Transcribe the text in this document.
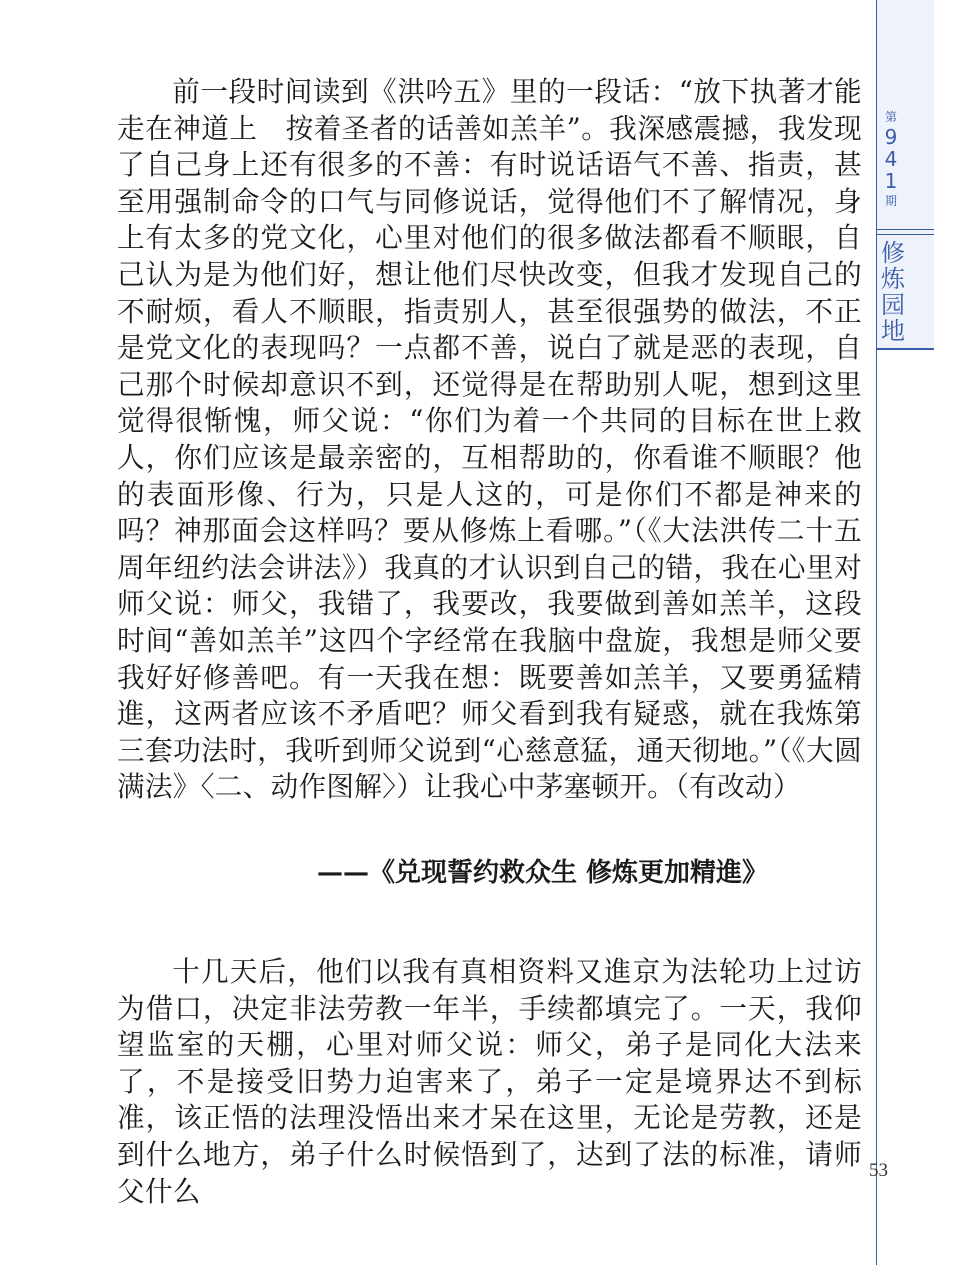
第
9
4
1
期
修
炼
园
地

前一段时间读到《洪吟五》里的一段话：“放下执著才能走在神道上　按着圣者的话善如羔羊”。我深感震撼，我发现了自己身上还有很多的不善：有时说话语气不善、指责，甚至用强制命令的口气与同修说话，觉得他们不了解情况，身上有太多的党文化，心里对他们的很多做法都看不顺眼，自己认为是为他们好，想让他们尽快改变，但我才发现自己的不耐烦，看人不顺眼，指责别人，甚至很强势的做法，不正是党文化的表现吗？一点都不善，说白了就是恶的表现，自己那个时候却意识不到，还觉得是在帮助别人呢，想到这里觉得很惭愧，师父说：“你们为着一个共同的目标在世上救人，你们应该是最亲密的，互相帮助的，你看谁不顺眼？他的表面形像、行为，只是人这的，可是你们不都是神来的吗？神那面会这样吗？要从修炼上看哪。”（《大法洪传二十五周年纽约法会讲法》）我真的才认识到自己的错，我在心里对师父说：师父，我错了，我要改，我要做到善如羔羊，这段时间“善如羔羊”这四个字经常在我脑中盘旋，我想是师父要我好好修善吧。有一天我在想：既要善如羔羊，又要勇猛精進，这两者应该不矛盾吧？师父看到我有疑惑，就在我炼第三套功法时，我听到师父说到“心慈意猛，通天彻地。”（《大圆满法》〈二、动作图解〉）让我心中茅塞顿开。（有改动）

——《兑现誓约救众生 修炼更加精進》

十几天后，他们以我有真相资料又進京为法轮功上过访为借口，决定非法劳教一年半，手续都填完了。一天，我仰望监室的天棚，心里对师父说：师父，弟子是同化大法来了，不是接受旧势力迫害来了，弟子一定是境界达不到标准，该正悟的法理没悟出来才呆在这里，无论是劳教，还是到什么地方，弟子什么时候悟到了，达到了法的标准，请师父什么

53
